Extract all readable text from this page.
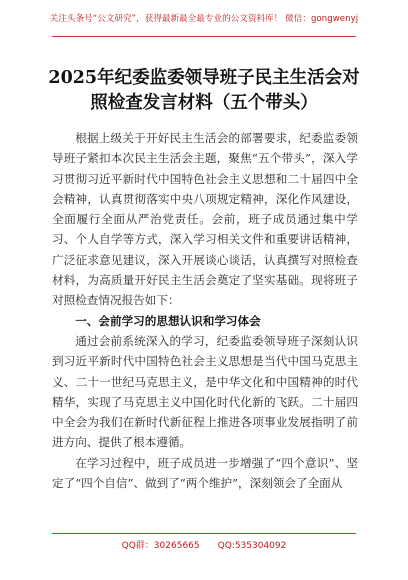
关注头条号“公文研究”，获得最新最全最专业的公文资料库！ 微信：gongwenyj
2025年纪委监委领导班子民主生活会对
照检查发言材料（五个带头）

根据上级关于开好民主生活会的部署要求，纪委监委领导班子紧扣本次民主生活会主题，聚焦“五个带头”，深入学习贯彻习近平新时代中国特色社会主义思想和二十届四中全会精神，认真贯彻落实中央八项规定精神，深化作风建设，全面履行全面从严治党责任。会前，班子成员通过集中学习、个人自学等方式，深入学习相关文件和重要讲话精神，广泛征求意见建议，深入开展谈心谈话，认真撰写对照检查材料，为高质量开好民主生活会奠定了坚实基础。现将班子对照检查情况报告如下：

一、会前学习的思想认识和学习体会

通过会前系统深入的学习，纪委监委领导班子深刻认识到习近平新时代中国特色社会主义思想是当代中国马克思主义、二十一世纪马克思主义，是中华文化和中国精神的时代精华，实现了马克思主义中国化时代化新的飞跃。二十届四中全会为我们在新时代新征程上推进各项事业发展指明了前进方向、提供了根本遵循。

在学习过程中，班子成员进一步增强了“四个意识”、坚定了“四个自信”、做到了“两个维护”，深刻领会了全面从

QQ群：30265665　　QQ:535304092
